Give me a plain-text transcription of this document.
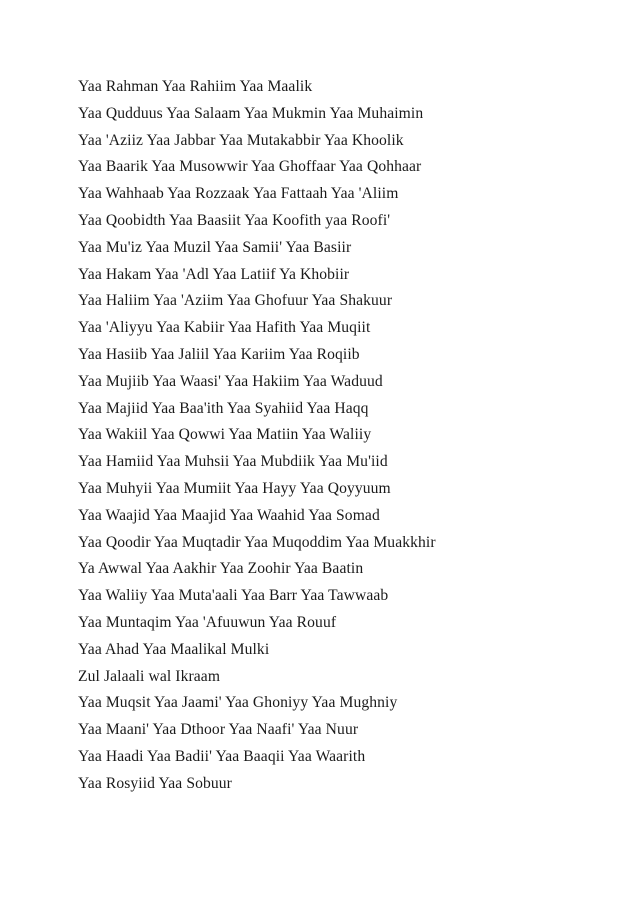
Yaa Rahman Yaa Rahiim Yaa Maalik
Yaa Qudduus Yaa Salaam Yaa Mukmin Yaa Muhaimin
Yaa 'Aziiz Yaa Jabbar Yaa Mutakabbir Yaa Khoolik
Yaa Baarik Yaa Musowwir Yaa Ghoffaar Yaa Qohhaar
Yaa Wahhaab Yaa Rozzaak Yaa Fattaah Yaa 'Aliim
Yaa Qoobidth Yaa Baasiit Yaa Koofith yaa Roofi'
Yaa Mu'iz Yaa Muzil Yaa Samii' Yaa Basiir
Yaa Hakam Yaa 'Adl Yaa Latiif Ya Khobiir
Yaa Haliim Yaa 'Aziim Yaa Ghofuur Yaa Shakuur
Yaa 'Aliyyu Yaa Kabiir Yaa Hafith Yaa Muqiit
Yaa Hasiib Yaa Jaliil Yaa Kariim Yaa Roqiib
Yaa Mujiib Yaa Waasi' Yaa Hakiim Yaa Waduud
Yaa Majiid Yaa Baa'ith Yaa Syahiid Yaa Haqq
Yaa Wakiil Yaa Qowwi Yaa Matiin Yaa Waliiy
Yaa Hamiid Yaa Muhsii Yaa Mubdiik Yaa Mu'iid
Yaa Muhyii Yaa Mumiit Yaa Hayy Yaa Qoyyuum
Yaa Waajid Yaa Maajid Yaa Waahid Yaa Somad
Yaa Qoodir Yaa Muqtadir Yaa Muqoddim Yaa Muakkhir
Ya Awwal Yaa Aakhir Yaa Zoohir Yaa Baatin
Yaa Waliiy Yaa Muta'aali Yaa Barr Yaa Tawwaab
Yaa Muntaqim Yaa 'Afuuwun Yaa Rouuf
Yaa Ahad Yaa Maalikal Mulki
Zul Jalaali wal Ikraam
Yaa Muqsit Yaa Jaami' Yaa Ghoniyy Yaa Mughniy
Yaa Maani' Yaa Dthoor Yaa Naafi' Yaa Nuur
Yaa Haadi Yaa Badii' Yaa Baaqii Yaa Waarith
Yaa Rosyiid Yaa Sobuur
